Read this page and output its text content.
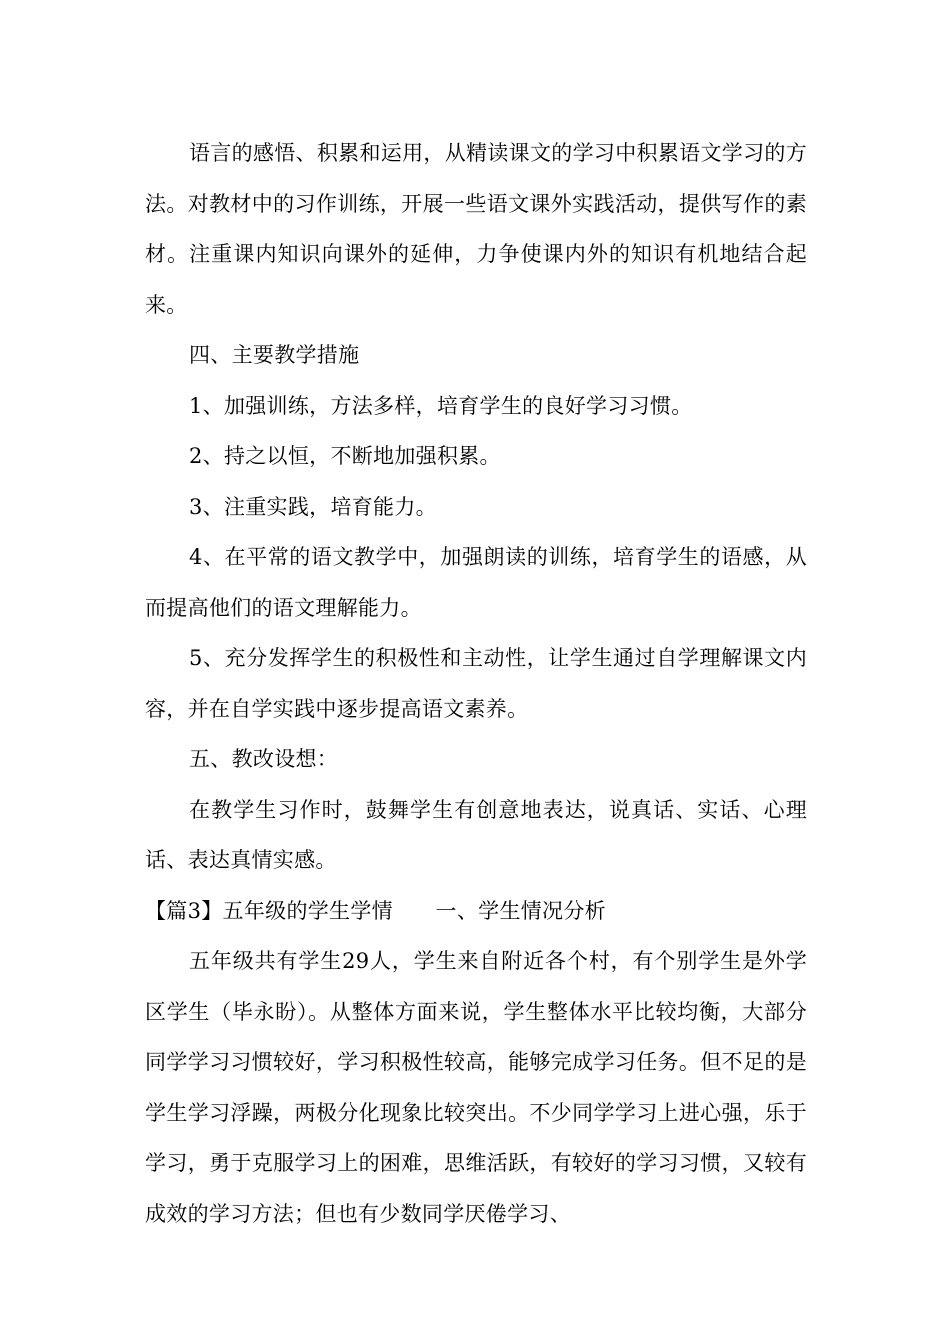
语言的感悟、积累和运用，从精读课文的学习中积累语文学习的方法。对教材中的习作训练，开展一些语文课外实践活动，提供写作的素材。注重课内知识向课外的延伸，力争使课内外的知识有机地结合起来。

四、主要教学措施

1、加强训练，方法多样，培育学生的良好学习习惯。

2、持之以恒，不断地加强积累。

3、注重实践，培育能力。

4、在平常的语文教学中，加强朗读的训练，培育学生的语感，从而提高他们的语文理解能力。

5、充分发挥学生的积极性和主动性，让学生通过自学理解课文内容，并在自学实践中逐步提高语文素养。

五、教改设想：

在教学生习作时，鼓舞学生有创意地表达，说真话、实话、心理话、表达真情实感。

【篇3】五年级的学生学情　　一、学生情况分析

五年级共有学生29人，学生来自附近各个村，有个别学生是外学区学生（毕永盼）。从整体方面来说，学生整体水平比较均衡，大部分同学学习习惯较好，学习积极性较高，能够完成学习任务。但不足的是学生学习浮躁，两极分化现象比较突出。不少同学学习上进心强，乐于学习，勇于克服学习上的困难，思维活跃，有较好的学习习惯，又较有成效的学习方法；但也有少数同学厌倦学习、
